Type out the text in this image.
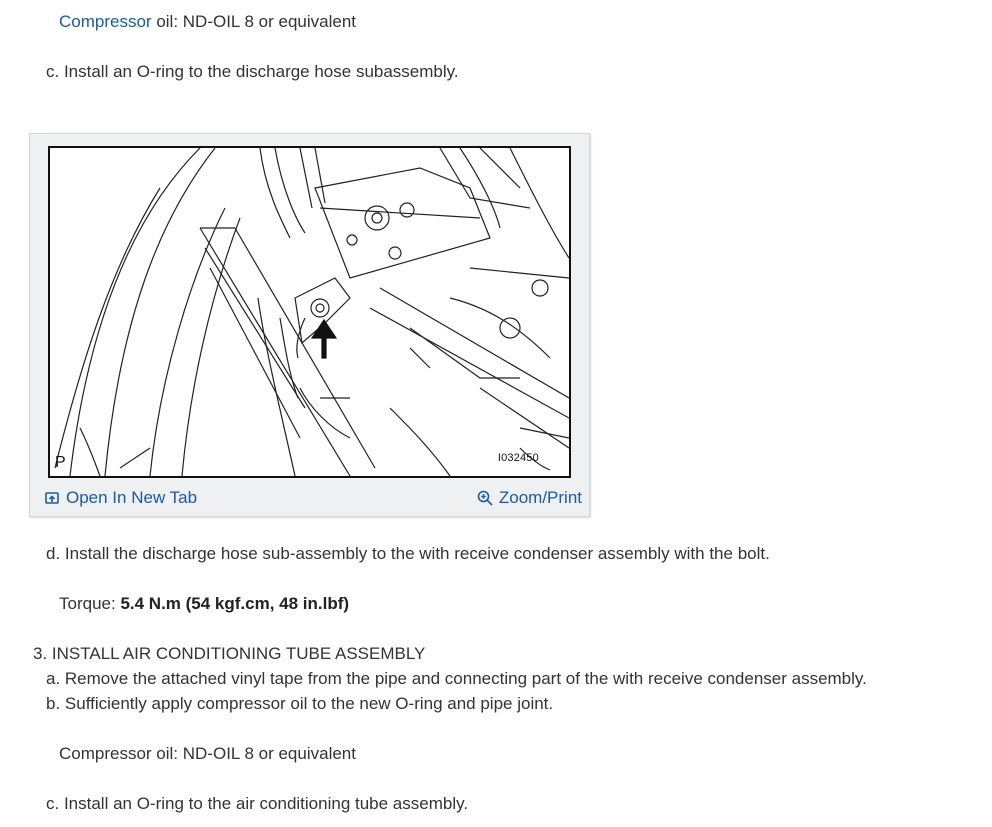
Compressor oil: ND-OIL 8 or equivalent
c. Install an O-ring to the discharge hose subassembly.
P	I032450
Open In New Tab	Zoom/Print
d. Install the discharge hose sub-assembly to the with receive condenser assembly with the bolt.
Torque: 5.4 N.m (54 kgf.cm, 48 in.lbf)
3. INSTALL AIR CONDITIONING TUBE ASSEMBLY
a. Remove the attached vinyl tape from the pipe and connecting part of the with receive condenser assembly.
b. Sufficiently apply compressor oil to the new O-ring and pipe joint.
Compressor oil: ND-OIL 8 or equivalent
c. Install an O-ring to the air conditioning tube assembly.
